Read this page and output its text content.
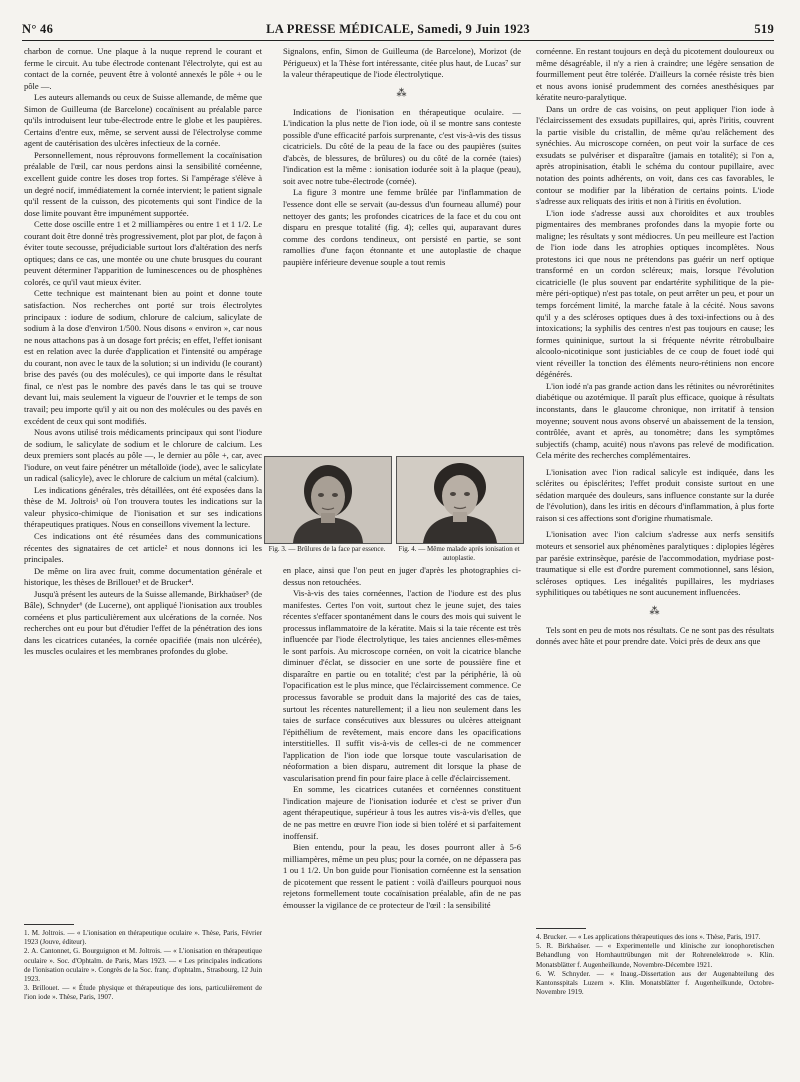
N° 46	LA PRESSE MÉDICALE, Samedi, 9 Juin 1923	519

charbon de cornue. Une plaque à la nuque reprend le courant et ferme le circuit. Au tube électrode contenant l'électrolyte, qui est au contact de la cornée, peuvent être à volonté annexés le pôle + ou le pôle —.

Les auteurs allemands ou ceux de Suisse allemande, de même que Simon de Guilleuma (de Barcelone) cocaïnisent au préalable parce qu'ils introduisent leur tube-électrode entre le globe et les paupières. Certains d'entre eux, même, se servent aussi de l'électrolyse comme agent de cautérisation des ulcères infectieux de la cornée.

Personnellement, nous réprouvons formellement la cocaïnisation préalable de l'œil, car nous perdons ainsi la sensibilité cornéenne, excellent guide contre les doses trop fortes. Si l'ampérage s'élève à un degré nocif, immédiatement la cornée intervient; le patient signale qu'il ressent de la cuisson, des picotements qui sont l'indice de la dose limite pouvant être impunément supportée.

Cette dose oscille entre 1 et 2 milliampères ou entre 1 et 1 1/2. Le courant doit être donné très progressivement, plot par plot, de façon à éviter toute secousse, préjudiciable surtout lors d'altération des nerfs optiques; dans ce cas, une montée ou une chute brusques du courant peuvent déterminer l'apparition de luminescences ou de phosphènes colorés, ce qu'il vaut mieux éviter.

Cette technique est maintenant bien au point et donne toute satisfaction. Nos recherches ont porté sur trois électrolytes principaux : iodure de sodium, chlorure de calcium, salicylate de sodium à la dose d'environ 1/500. Nous disons « environ », car nous ne nous attachons pas à un dosage fort précis; en effet, l'effet ionisant est en relation avec la durée d'application et l'intensité ou ampérage du courant, non avec le taux de la solution; si un individu (le courant) brise des pavés (ou des molécules), ce qui importe dans le résultat final, ce n'est pas le nombre des pavés dans le tas qui se trouve devant lui, mais seulement la vigueur de l'ouvrier et le temps de son travail; peu importe qu'il y ait ou non des molécules ou des pavés en excédent de ceux qui sont modifiés.

Nous avons utilisé trois médicaments principaux qui sont l'iodure de sodium, le salicylate de sodium et le chlorure de calcium. Les deux premiers sont placés au pôle —, le dernier au pôle +, car, avec l'iodure, on veut faire pénétrer un métalloïde (iode), avec le salicylate un radical (salicyle), avec le chlorure de calcium un métal (calcium).

Les indications générales, très détaillées, ont été exposées dans la thèse de M. Joltrois¹ où l'on trouvera toutes les indications sur la valeur physico-chimique de l'ionisation et sur ses indications thérapeutiques pratiques. Nous en conseillons vivement la lecture.

Ces indications ont été résumées dans des communications récentes des signataires de cet article² et nous donnons ici les principales.

De même on lira avec fruit, comme documentation générale et historique, les thèses de Brillouet³ et de Brucker⁴.

Jusqu'à présent les auteurs de la Suisse allemande, Birkhaüser⁵ (de Bâle), Schnyder⁶ (de Lucerne), ont appliqué l'ionisation aux troubles cornéens et plus particulièrement aux ulcérations de la cornée. Nos recherches ont eu pour but d'étudier l'effet de la pénétration des ions dans les cicatrices cutanées, la cornée opacifiée (mais non ulcérée), les muscles oculaires et les membranes profondes du globe.

Signalons, enfin, Simon de Guilleuma (de Barcelone), Morizot (de Périgueux) et la Thèse fort intéressante, citée plus haut, de Lucas⁷ sur la valeur thérapeutique de l'iode électrolytique.

⁂

Indications de l'ionisation en thérapeutique oculaire. — L'indication la plus nette de l'ion iode, où il se montre sans conteste possible d'une efficacité parfois surprenante, c'est vis-à-vis des tissus cicatriciels. Du côté de la peau de la face ou des paupières (suites d'abcès, de blessures, de brûlures) ou du côté de la cornée (taies) l'indication est la même : ionisation iodurée soit à la plaque (peau), soit avec notre tube-électrode (cornée).

La figure 3 montre une femme brûlée par l'inflammation de l'essence dont elle se servait (au-dessus d'un fourneau allumé) pour nettoyer des gants; les profondes cicatrices de la face et du cou ont disparu en presque totalité (fig. 4); celles qui, auparavant dures comme des cordons tendineux, ont persisté en partie, se sont ramollies d'une façon étonnante et une autoplastie de chaque paupière inférieure devenue souple a tout remis

Fig. 3. — Brûlures de la face par essence.	Fig. 4. — Même malade après ionisation et autoplastie.

en place, ainsi que l'on peut en juger d'après les photographies ci-dessus non retouchées.

Vis-à-vis des taies cornéennes, l'action de l'iodure est des plus manifestes. Certes l'on voit, surtout chez le jeune sujet, des taies récentes s'effacer spontanément dans le cours des mois qui suivent le processus inflammatoire de la kératite. Mais si la taie récente est très influencée par l'iode électrolytique, les taies anciennes elles-mêmes le sont parfois. Au microscope cornéen, on voit la cicatrice blanche diminuer d'éclat, se dissocier en une sorte de poussière fine et disparaître en partie ou en totalité; c'est par la périphérie, là où l'opacification est le plus mince, que l'éclaircissement commence. Ce processus favorable se produit dans la majorité des cas de taies, surtout les récentes naturellement; il a lieu non seulement dans les taies de surface consécutives aux blessures ou ulcères atteignant l'épithélium de revêtement, mais encore dans les opacifications interstitielles. Il suffit vis-à-vis de celles-ci de ne commencer l'application de l'ion iode que lorsque toute vascularisation de néoformation a bien disparu, autrement dit lorsque la phase de vascularisation prend fin pour faire place à celle d'éclaircissement.

En somme, les cicatrices cutanées et cornéennes constituent l'indication majeure de l'ionisation iodurée et c'est se priver d'un agent thérapeutique, supérieur à tous les autres vis-à-vis d'elles, que de ne pas mettre en œuvre l'ion iode si bien toléré et si parfaitement inoffensif.

Bien entendu, pour la peau, les doses pourront aller à 5-6 milliampères, même un peu plus; pour la cornée, on ne dépassera pas 1 ou 1 1/2. Un bon guide pour l'ionisation cornéenne est la sensation de picotement que ressent le patient : voilà d'ailleurs pourquoi nous rejetons formellement toute cocaïnisation préalable, afin de ne pas émousser la vigilance de ce protecteur de l'œil : la sensibilité

cornéenne. En restant toujours en deçà du picotement douloureux ou même désagréable, il n'y a rien à craindre; une légère sensation de fourmillement peut être tolérée. D'ailleurs la cornée résiste très bien et nous avons ionisé prudemment des cornées anesthésiques par kératite neuro-paralytique.

Dans un ordre de cas voisins, on peut appliquer l'ion iode à l'éclaircissement des exsudats pupillaires, qui, après l'iritis, couvrent la partie visible du cristallin, de même qu'au relâchement des synéchies. Au microscope cornéen, on peut voir la surface de ces exsudats se pulvériser et disparaître (jamais en totalité); si l'on a, après atropinisation, établi le schéma du contour pupillaire, avec notation des points adhérents, on voit, dans ces cas favorables, le contour se modifier par la libération de certains points. L'iode s'adresse aux reliquats des iritis et non à l'iritis en évolution.

L'ion iode s'adresse aussi aux choroïdites et aux troubles pigmentaires des membranes profondes dans la myopie forte ou maligne; les résultats y sont médiocres. Un peu meilleure est l'action de l'ion iode dans les atrophies optiques incomplètes. Nous protestons ici que nous ne prétendons pas guérir un nerf optique transformé en un cordon scléreux; mais, lorsque l'évolution cicatricielle (le plus souvent par endartérite syphilitique de la pie-mère péri-optique) n'est pas totale, on peut arrêter un peu, et pour un temps forcément limité, la marche fatale à la cécité. Nous savons qu'il y a des scléroses optiques dues à des toxi-infections ou à des intoxications; la syphilis des centres n'est pas toujours en cause; les formes quininique, surtout la si fréquente névrite rétrobulbaire alcoolo-nicotinique sont justiciables de ce coup de fouet iodé qui vient réveiller la tonction des éléments neuro-rétiniens non encore dégénérés.

L'ion iodé n'a pas grande action dans les rétinites ou névrorétinites diabétique ou azotémique. Il paraît plus efficace, quoique à résultats inconstants, dans le glaucome chronique, non irritatif à tension moyenne; souvent nous avons observé un abaissement de la tension, contrôlée, avant et après, au tonomètre; dans les symptômes subjectifs (champ, acuité) nous n'avons pas relevé de modification. Cela mérite des recherches complémentaires.

L'ionisation avec l'ion radical salicyle est indiquée, dans les sclérites ou épisclérites; l'effet produit consiste surtout en une sédation marquée des douleurs, sans influence constante sur la durée de l'évolution), dans les iritis en décours d'inflammation, à plus forte raison si ces affections sont d'origine rhumatismale.

L'ionisation avec l'ion calcium s'adresse aux nerfs sensitifs moteurs et sensoriel aux phénomènes paralytiques : diplopies légères par parésie extrinsèque, parésie de l'accommodation, mydriase post-traumatique si elle est d'ordre purement commotionnel, sans lésion, scléroses optiques. Les inégalités pupillaires, les mydriases syphilitiques ou tabétiques ne sont aucunement influencées.

⁂

Tels sont en peu de mots nos résultats. Ce ne sont pas des résultats donnés avec hâte et pour prendre date. Voici près de deux ans que

1. M. Joltrois. — « L'ionisation en thérapeutique oculaire ». Thèse, Paris, Février 1923 (Jouve, éditeur).

2. A. Cantonnet, G. Bourguignon et M. Joltrois. — « L'ionisation en thérapeutique oculaire ». Soc. d'Ophtalm. de Paris, Mars 1923. — « Les principales indications de l'ionisation oculaire ». Congrès de la Soc. franç. d'ophtalm., Strasbourg, 12 Juin 1923.

3. Brillouet. — « Étude physique et thérapeutique des ions, particulièrement de l'ion iode ». Thèse, Paris, 1907.

4. Brucker. — « Les applications thérapeutiques des ions ». Thèse, Paris, 1917.

5. R. Birkhaüser. — « Experimentelle und klinische zur ionophoretischen Behandlung von Hornhauttrübungen mit der Rohrenelektrode ». Klin. Monatsblätter f. Augenheilkunde, Novembre-Décembre 1921.

6. W. Schnyder. — « Inaug.-Dissertation aus der Augenabteilung des Kantonsspitals Luzern ». Klin. Monatsblätter f. Augenheilkunde, Octobre-Novembre 1919.
